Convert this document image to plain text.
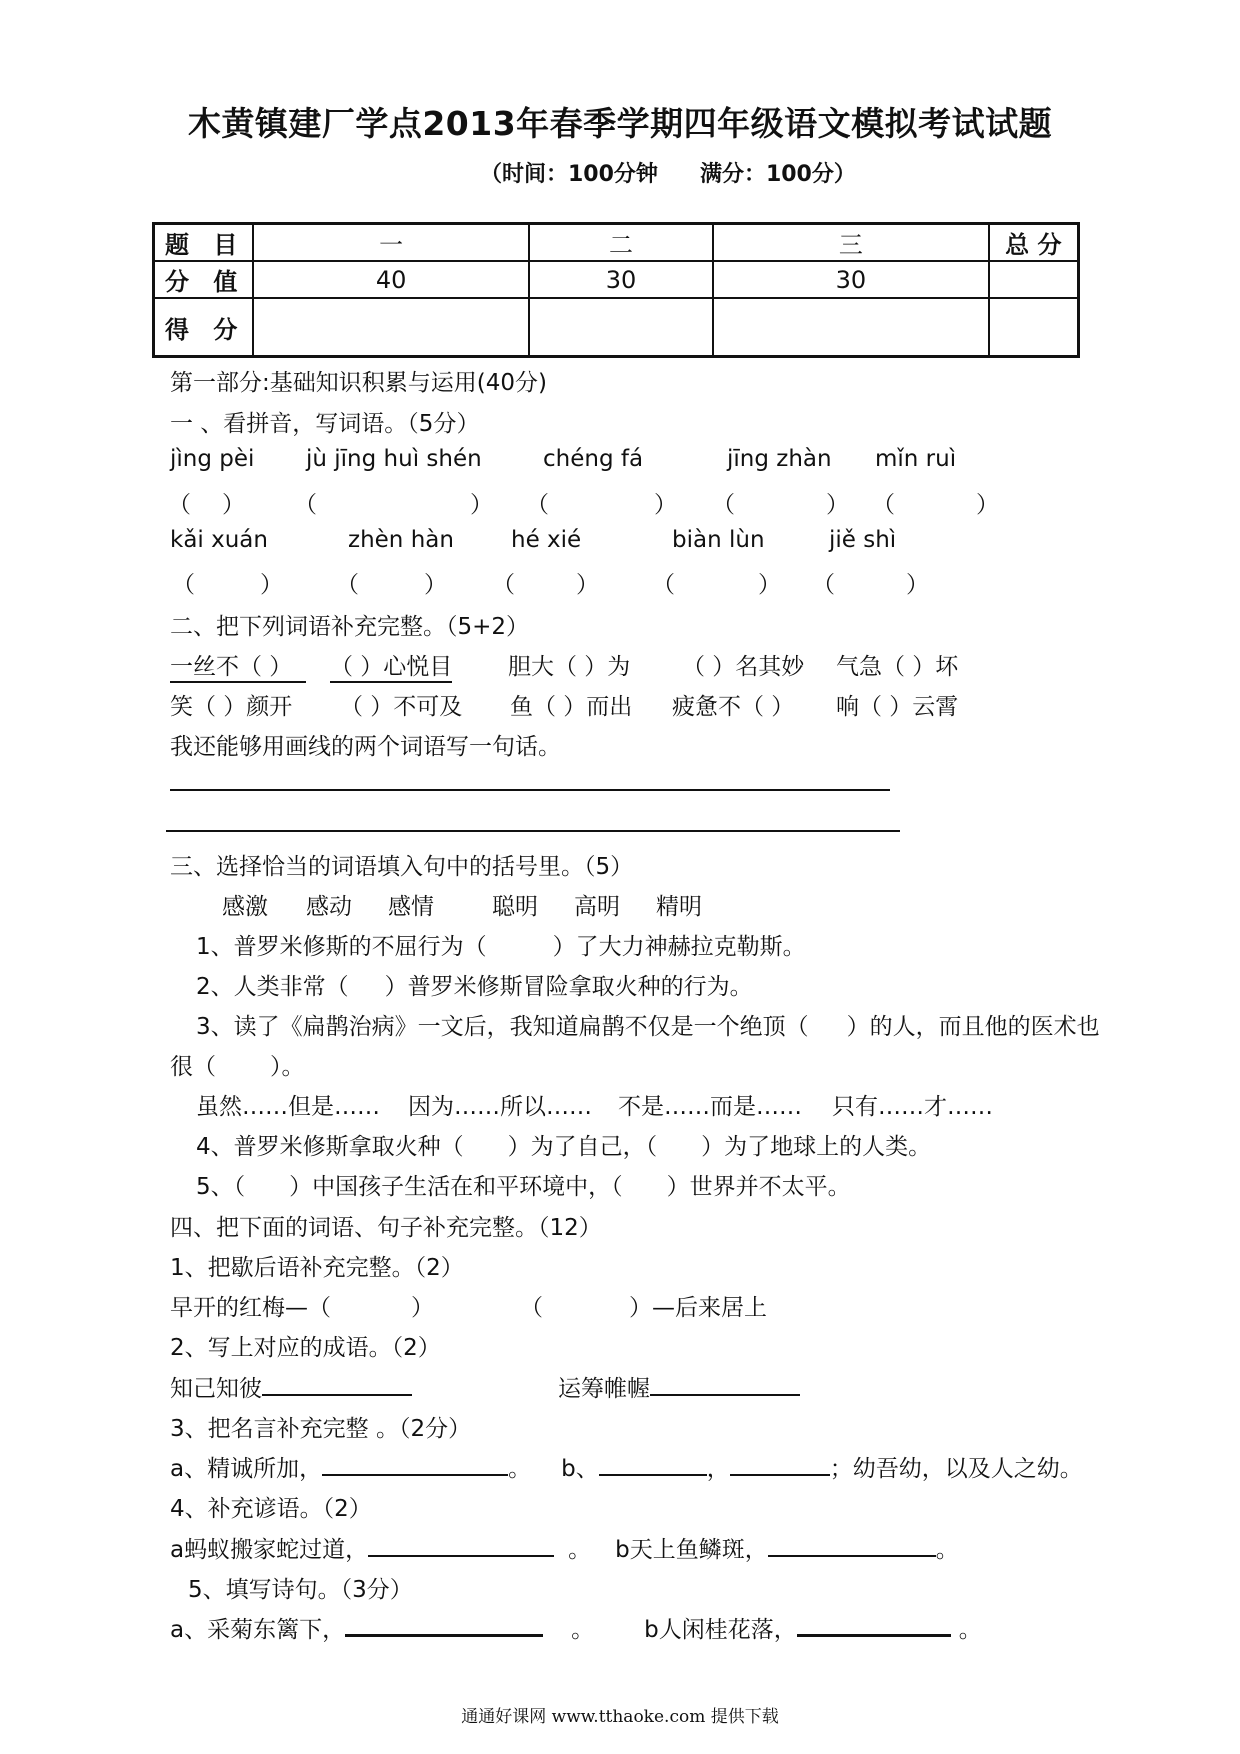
木黄镇建厂学点2013年春季学期四年级语文模拟考试试题
（时间：100分钟 满分：100分）
题 目	一	二	三	总 分
分 值	40	30	30	
得 分				
第一部分:基础知识积累与运用(40分)
一 、看拼音，写词语。（5分）
jìng pèi jù jīng huì shén	chéng fá	jīng zhàn mǐn ruì
（ ） （	） （	） （	） （	）
kǎi xuán	zhèn hàn hé xié	biàn lùn	jiě shì
（	） （	） （	） （	） （	）
二、把下列词语补充完整。（5+2）
一丝不（ ）	（ ）心悦目 胆大（ ）为 （ ）名其妙 气急（ ）坏
笑（ ）颜开 （ ）不可及 鱼（ ）而出 疲惫不（ ） 响（ ）云霄
我还能够用画线的两个词语写一句话。
三、选择恰当的词语填入句中的括号里。（5）
感激 感动 感情	聪明 高明 精明
1、普罗米修斯的不屈行为（	）了大力神赫拉克勒斯。
2、人类非常（ ）普罗米修斯冒险拿取火种的行为。
3、读了《扁鹊治病》一文后，我知道扁鹊不仅是一个绝顶（ ）的人，而且他的医术也
很（ ）。
虽然……但是…… 因为……所以…… 不是……而是…… 只有……才……
4、普罗米修斯拿取火种（ ）为了自己，（ ）为了地球上的人类。
5、（ ）中国孩子生活在和平环境中，（ ）世界并不太平。
四、把下面的词语、句子补充完整。（12）
1、把歇后语补充完整。（2）
早开的红梅—（	）	（	）—后来居上
2、写上对应的成语。（2）
知己知彼	运筹帷幄
3、把名言补充完整 。（2分）
a、精诚所加，	。 b、	，	；幼吾幼，以及人之幼。
4、补充谚语。（2）
a蚂蚁搬家蛇过道，	。 b天上鱼鳞斑，	。
5、填写诗句。（3分）
a、采菊东篱下，	。 b人闲桂花落，	。
通通好课网 www.tthaoke.com 提供下载
